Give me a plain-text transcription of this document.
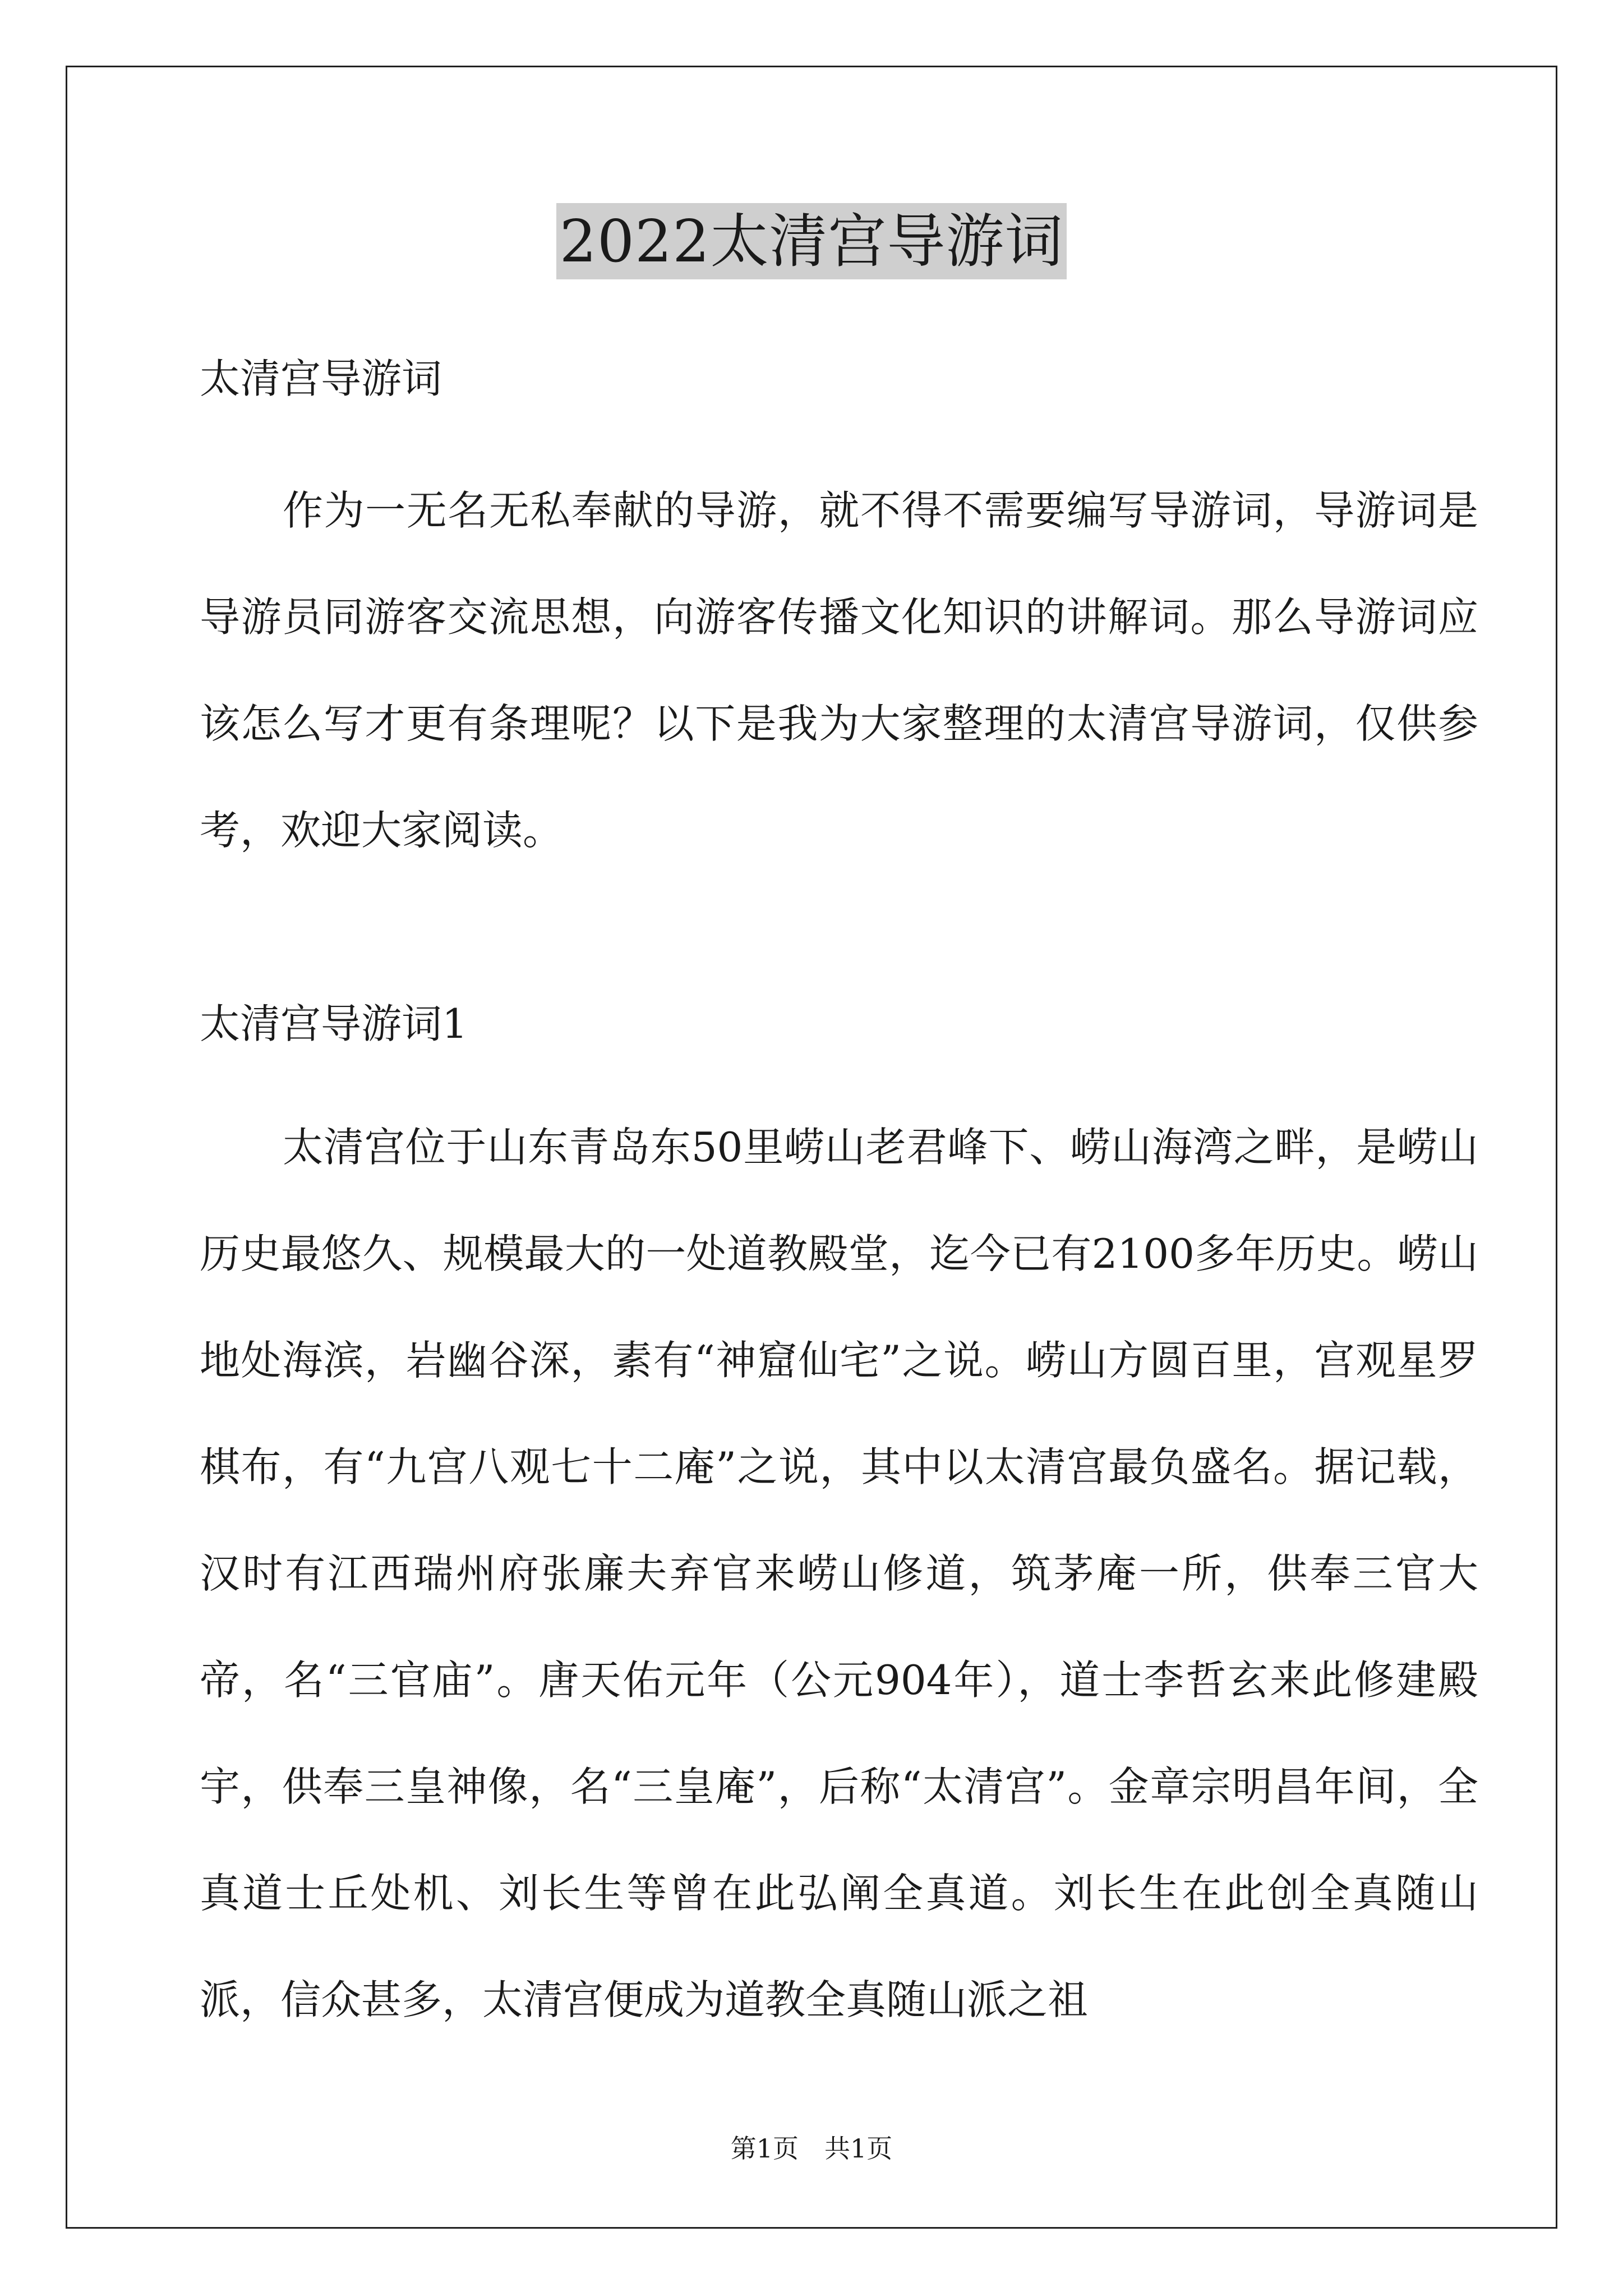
2022太清宫导游词

太清宫导游词

作为一无名无私奉献的导游，就不得不需要编写导游词，导游词是导游员同游客交流思想，向游客传播文化知识的讲解词。那么导游词应该怎么写才更有条理呢？以下是我为大家整理的太清宫导游词，仅供参考，欢迎大家阅读。

太清宫导游词1

太清宫位于山东青岛东50里崂山老君峰下、崂山海湾之畔，是崂山历史最悠久、规模最大的一处道教殿堂，迄今已有2100多年历史。崂山地处海滨，岩幽谷深，素有“神窟仙宅”之说。崂山方圆百里，宫观星罗棋布，有“九宫八观七十二庵”之说，其中以太清宫最负盛名。据记载，汉时有江西瑞州府张廉夫弃官来崂山修道，筑茅庵一所，供奉三官大帝，名“三官庙”。唐天佑元年（公元904年），道士李哲玄来此修建殿宇，供奉三皇神像，名“三皇庵”，后称“太清宫”。金章宗明昌年间，全真道士丘处机、刘长生等曾在此弘阐全真道。刘长生在此创全真随山派，信众甚多，太清宫便成为道教全真随山派之祖

第1页　共1页
